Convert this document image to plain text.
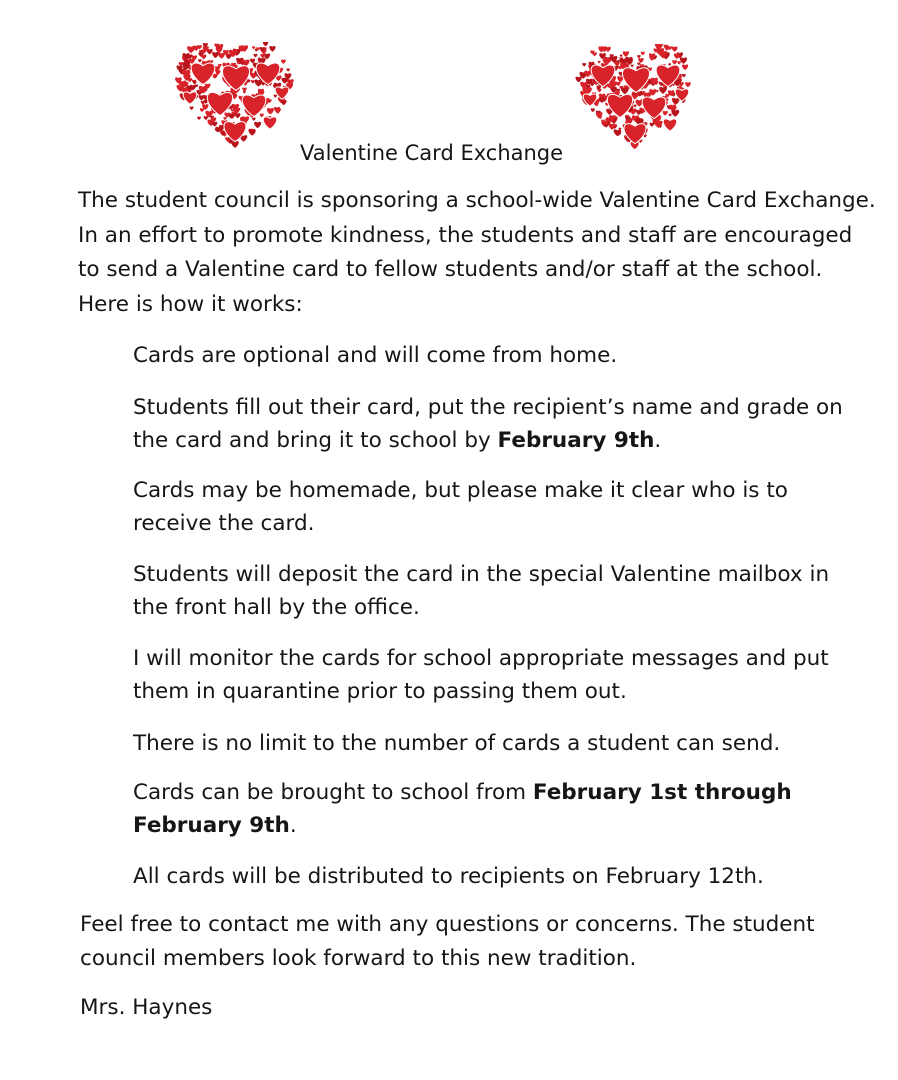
Valentine Card Exchange
The student council is sponsoring a school-wide Valentine Card Exchange. In an effort to promote kindness, the students and staff are encouraged to send a Valentine card to fellow students and/or staff at the school. Here is how it works:
Cards are optional and will come from home.
Students fill out their card, put the recipient’s name and grade on the card and bring it to school by February 9th.
Cards may be homemade, but please make it clear who is to receive the card.
Students will deposit the card in the special Valentine mailbox in the front hall by the office.
I will monitor the cards for school appropriate messages and put them in quarantine prior to passing them out.
There is no limit to the number of cards a student can send.
Cards can be brought to school from February 1st through February 9th.
All cards will be distributed to recipients on February 12th.
Feel free to contact me with any questions or concerns. The student council members look forward to this new tradition.
Mrs. Haynes
